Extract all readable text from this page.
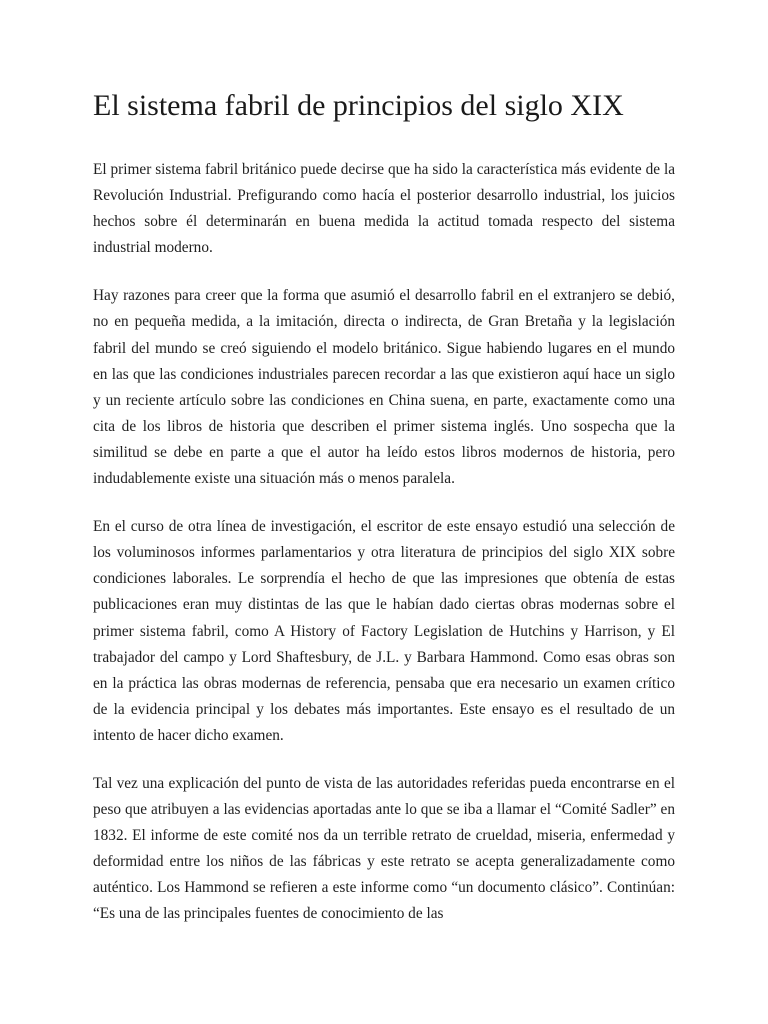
El sistema fabril de principios del siglo XIX

El primer sistema fabril británico puede decirse que ha sido la característica más evidente de la Revolución Industrial. Prefigurando como hacía el posterior desarrollo industrial, los juicios hechos sobre él determinarán en buena medida la actitud tomada respecto del sistema industrial moderno.

Hay razones para creer que la forma que asumió el desarrollo fabril en el extranjero se debió, no en pequeña medida, a la imitación, directa o indirecta, de Gran Bretaña y la legislación fabril del mundo se creó siguiendo el modelo británico. Sigue habiendo lugares en el mundo en las que las condiciones industriales parecen recordar a las que existieron aquí hace un siglo y un reciente artículo sobre las condiciones en China suena, en parte, exactamente como una cita de los libros de historia que describen el primer sistema inglés. Uno sospecha que la similitud se debe en parte a que el autor ha leído estos libros modernos de historia, pero indudablemente existe una situación más o menos paralela.

En el curso de otra línea de investigación, el escritor de este ensayo estudió una selección de los voluminosos informes parlamentarios y otra literatura de principios del siglo XIX sobre condiciones laborales. Le sorprendía el hecho de que las impresiones que obtenía de estas publicaciones eran muy distintas de las que le habían dado ciertas obras modernas sobre el primer sistema fabril, como A History of Factory Legislation de Hutchins y Harrison, y El trabajador del campo y Lord Shaftesbury, de J.L. y Barbara Hammond. Como esas obras son en la práctica las obras modernas de referencia, pensaba que era necesario un examen crítico de la evidencia principal y los debates más importantes. Este ensayo es el resultado de un intento de hacer dicho examen.

Tal vez una explicación del punto de vista de las autoridades referidas pueda encontrarse en el peso que atribuyen a las evidencias aportadas ante lo que se iba a llamar el “Comité Sadler” en 1832. El informe de este comité nos da un terrible retrato de crueldad, miseria, enfermedad y deformidad entre los niños de las fábricas y este retrato se acepta generalizadamente como auténtico. Los Hammond se refieren a este informe como “un documento clásico”. Continúan: “Es una de las principales fuentes de conocimiento de las
